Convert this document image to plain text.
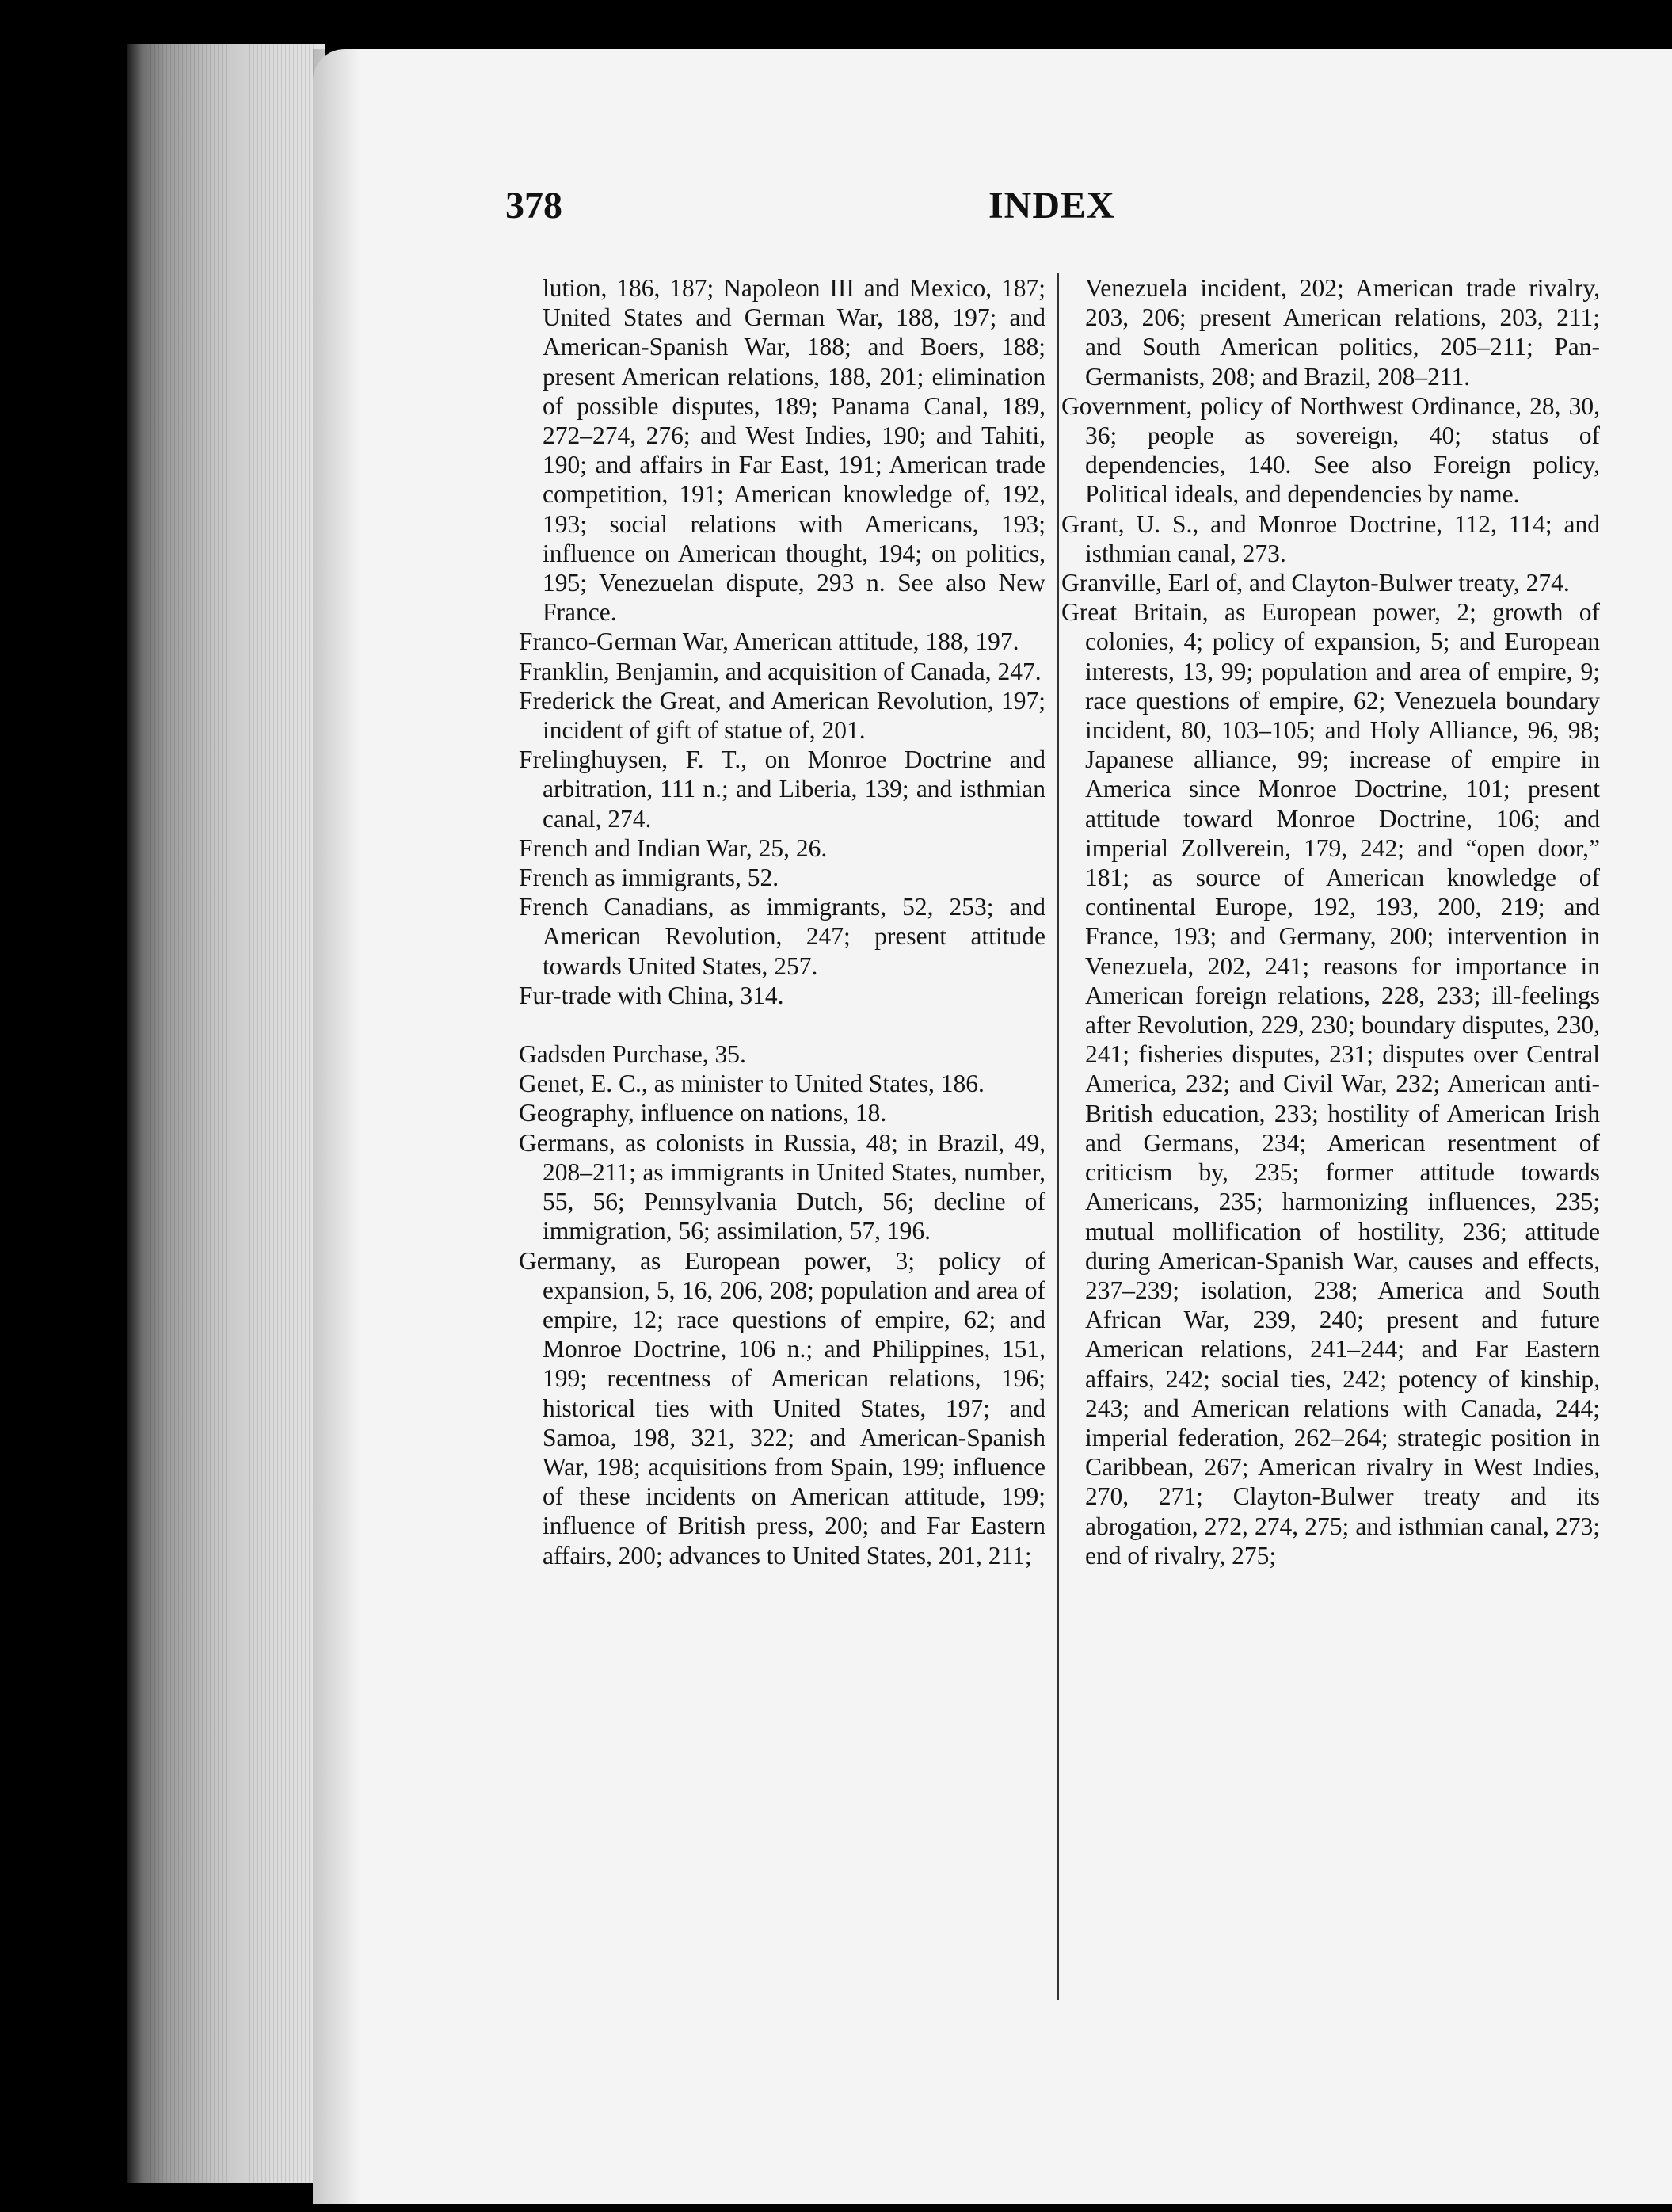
378	INDEX

lution, 186, 187; Napoleon III and Mexico, 187; United States and German War, 188, 197; and American-Spanish War, 188; and Boers, 188; present American relations, 188, 201; elimination of possible disputes, 189; Panama Canal, 189, 272–274, 276; and West Indies, 190; and Tahiti, 190; and affairs in Far East, 191; American trade competition, 191; American knowledge of, 192, 193; social relations with Americans, 193; influence on American thought, 194; on politics, 195; Venezuelan dispute, 293 n. See also New France.

Franco-German War, American attitude, 188, 197.

Franklin, Benjamin, and acquisition of Canada, 247.

Frederick the Great, and American Revolution, 197; incident of gift of statue of, 201.

Frelinghuysen, F. T., on Monroe Doctrine and arbitration, 111 n.; and Liberia, 139; and isthmian canal, 274.

French and Indian War, 25, 26.

French as immigrants, 52.

French Canadians, as immigrants, 52, 253; and American Revolution, 247; present attitude towards United States, 257.

Fur-trade with China, 314.

Gadsden Purchase, 35.

Genet, E. C., as minister to United States, 186.

Geography, influence on nations, 18.

Germans, as colonists in Russia, 48; in Brazil, 49, 208–211; as immigrants in United States, number, 55, 56; Pennsylvania Dutch, 56; decline of immigration, 56; assimilation, 57, 196.

Germany, as European power, 3; policy of expansion, 5, 16, 206, 208; population and area of empire, 12; race questions of empire, 62; and Monroe Doctrine, 106 n.; and Philippines, 151, 199; recentness of American relations, 196; historical ties with United States, 197; and Samoa, 198, 321, 322; and American-Spanish War, 198; acquisitions from Spain, 199; influence of these incidents on American attitude, 199; influence of British press, 200; and Far Eastern affairs, 200; advances to United States, 201, 211;

Venezuela incident, 202; American trade rivalry, 203, 206; present American relations, 203, 211; and South American politics, 205–211; Pan-Germanists, 208; and Brazil, 208–211.

Government, policy of Northwest Ordinance, 28, 30, 36; people as sovereign, 40; status of dependencies, 140. See also Foreign policy, Political ideals, and dependencies by name.

Grant, U. S., and Monroe Doctrine, 112, 114; and isthmian canal, 273.

Granville, Earl of, and Clayton-Bulwer treaty, 274.

Great Britain, as European power, 2; growth of colonies, 4; policy of expansion, 5; and European interests, 13, 99; population and area of empire, 9; race questions of empire, 62; Venezuela boundary incident, 80, 103–105; and Holy Alliance, 96, 98; Japanese alliance, 99; increase of empire in America since Monroe Doctrine, 101; present attitude toward Monroe Doctrine, 106; and imperial Zollverein, 179, 242; and “open door,” 181; as source of American knowledge of continental Europe, 192, 193, 200, 219; and France, 193; and Germany, 200; intervention in Venezuela, 202, 241; reasons for importance in American foreign relations, 228, 233; ill-feelings after Revolution, 229, 230; boundary disputes, 230, 241; fisheries disputes, 231; disputes over Central America, 232; and Civil War, 232; American anti-British education, 233; hostility of American Irish and Germans, 234; American resentment of criticism by, 235; former attitude towards Americans, 235; harmonizing influences, 235; mutual mollification of hostility, 236; attitude during American-Spanish War, causes and effects, 237–239; isolation, 238; America and South African War, 239, 240; present and future American relations, 241–244; and Far Eastern affairs, 242; social ties, 242; potency of kinship, 243; and American relations with Canada, 244; imperial federation, 262–264; strategic position in Caribbean, 267; American rivalry in West Indies, 270, 271; Clayton-Bulwer treaty and its abrogation, 272, 274, 275; and isthmian canal, 273; end of rivalry, 275;
